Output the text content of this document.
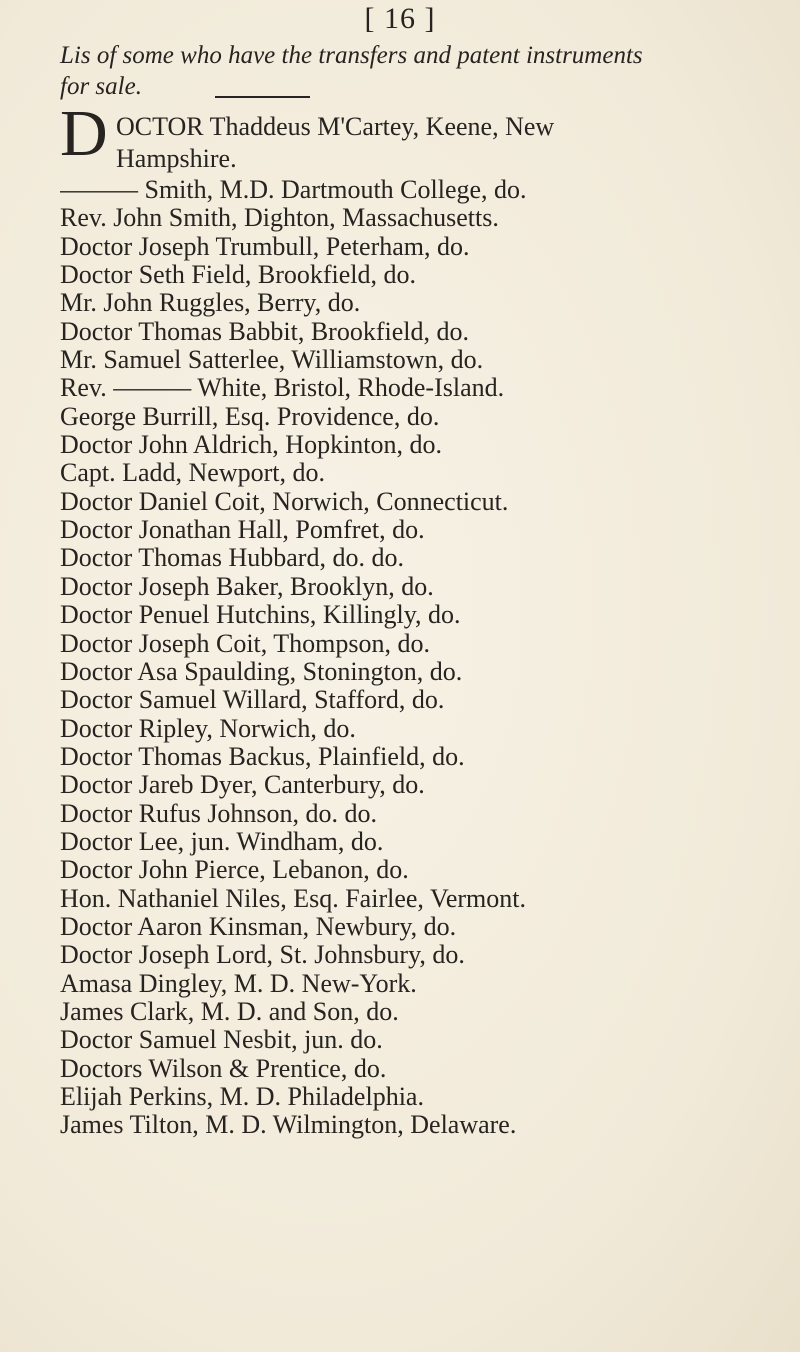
[ 16 ]
Lis of some who have the transfers and patent instruments
for sale.
D OCTOR Thaddeus M'Cartey, Keene, New
Hampshire.
——— Smith, M.D. Dartmouth College, do.
Rev. John Smith, Dighton, Massachusetts.
Doctor Joseph Trumbull, Peterham, do.
Doctor Seth Field, Brookfield, do.
Mr. John Ruggles, Berry, do.
Doctor Thomas Babbit, Brookfield, do.
Mr. Samuel Satterlee, Williamstown, do.
Rev. ——— White, Bristol, Rhode-Island.
George Burrill, Esq. Providence, do.
Doctor John Aldrich, Hopkinton, do.
Capt. Ladd, Newport, do.
Doctor Daniel Coit, Norwich, Connecticut.
Doctor Jonathan Hall, Pomfret, do.
Doctor Thomas Hubbard, do. do.
Doctor Joseph Baker, Brooklyn, do.
Doctor Penuel Hutchins, Killingly, do.
Doctor Joseph Coit, Thompson, do.
Doctor Asa Spaulding, Stonington, do.
Doctor Samuel Willard, Stafford, do.
Doctor Ripley, Norwich, do.
Doctor Thomas Backus, Plainfield, do.
Doctor Jareb Dyer, Canterbury, do.
Doctor Rufus Johnson, do. do.
Doctor Lee, jun. Windham, do.
Doctor John Pierce, Lebanon, do.
Hon. Nathaniel Niles, Esq. Fairlee, Vermont.
Doctor Aaron Kinsman, Newbury, do.
Doctor Joseph Lord, St. Johnsbury, do.
Amasa Dingley, M. D. New-York.
James Clark, M. D. and Son, do.
Doctor Samuel Nesbit, jun. do.
Doctors Wilson & Prentice, do.
Elijah Perkins, M. D. Philadelphia.
James Tilton, M. D. Wilmington, Delaware.
